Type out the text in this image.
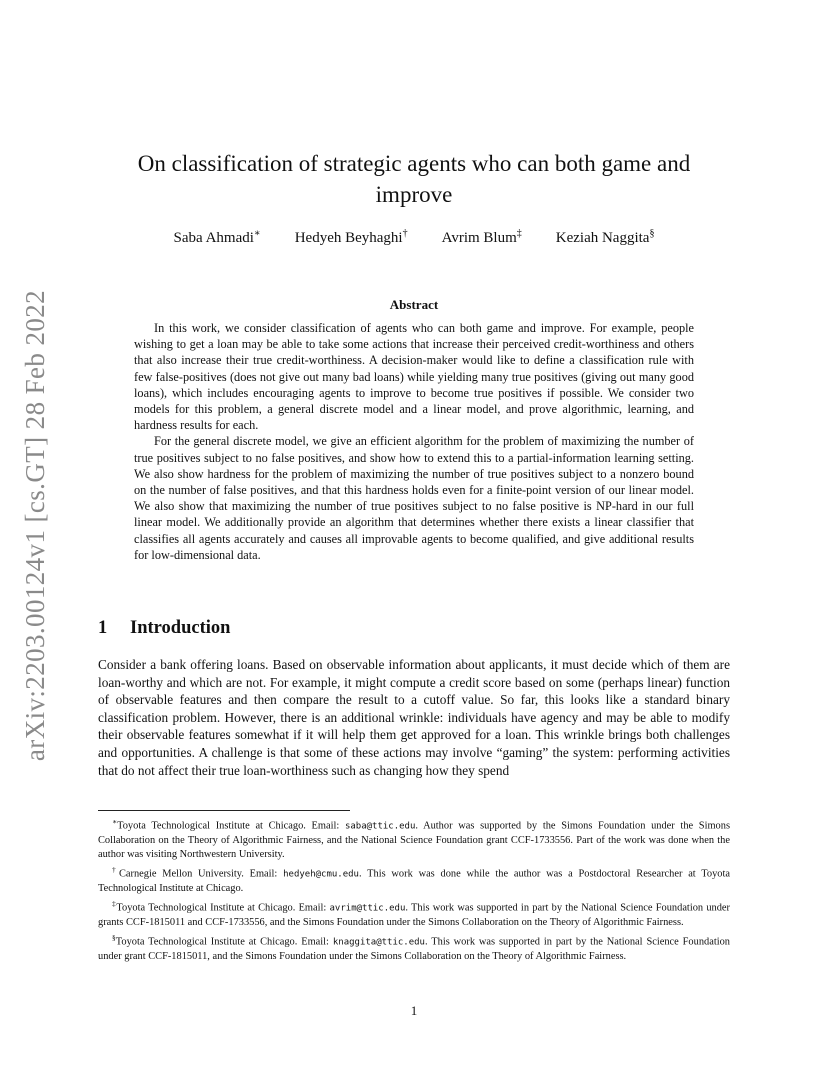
arXiv:2203.00124v1 [cs.GT] 28 Feb 2022
On classification of strategic agents who can both game and improve
Saba Ahmadi∗ Hedyeh Beyhaghi† Avrim Blum‡ Keziah Naggita§
Abstract

In this work, we consider classification of agents who can both game and improve. For example, people wishing to get a loan may be able to take some actions that increase their perceived credit-worthiness and others that also increase their true credit-worthiness. A decision-maker would like to define a classification rule with few false-positives (does not give out many bad loans) while yielding many true positives (giving out many good loans), which includes encouraging agents to improve to become true positives if possible. We consider two models for this problem, a general discrete model and a linear model, and prove algorithmic, learning, and hardness results for each.

For the general discrete model, we give an efficient algorithm for the problem of maximizing the number of true positives subject to no false positives, and show how to extend this to a partial-information learning setting. We also show hardness for the problem of maximizing the number of true positives subject to a nonzero bound on the number of false positives, and that this hardness holds even for a finite-point version of our linear model. We also show that maximizing the number of true positives subject to no false positive is NP-hard in our full linear model. We additionally provide an algorithm that determines whether there exists a linear classifier that classifies all agents accurately and causes all improvable agents to become qualified, and give additional results for low-dimensional data.

1 Introduction

Consider a bank offering loans. Based on observable information about applicants, it must decide which of them are loan-worthy and which are not. For example, it might compute a credit score based on some (perhaps linear) function of observable features and then compare the result to a cutoff value. So far, this looks like a standard binary classification problem. However, there is an additional wrinkle: individuals have agency and may be able to modify their observable features somewhat if it will help them get approved for a loan. This wrinkle brings both challenges and opportunities. A challenge is that some of these actions may involve “gaming” the system: performing activities that do not affect their true loan-worthiness such as changing how they spend

∗Toyota Technological Institute at Chicago. Email: saba@ttic.edu. Author was supported by the Simons Foundation under the Simons Collaboration on the Theory of Algorithmic Fairness, and the National Science Foundation grant CCF-1733556. Part of the work was done when the author was visiting Northwestern University.

†Carnegie Mellon University. Email: hedyeh@cmu.edu. This work was done while the author was a Postdoctoral Researcher at Toyota Technological Institute at Chicago.

‡Toyota Technological Institute at Chicago. Email: avrim@ttic.edu. This work was supported in part by the National Science Foundation under grants CCF-1815011 and CCF-1733556, and the Simons Foundation under the Simons Collaboration on the Theory of Algorithmic Fairness.

§Toyota Technological Institute at Chicago. Email: knaggita@ttic.edu. This work was supported in part by the National Science Foundation under grant CCF-1815011, and the Simons Foundation under the Simons Collaboration on the Theory of Algorithmic Fairness.

1
